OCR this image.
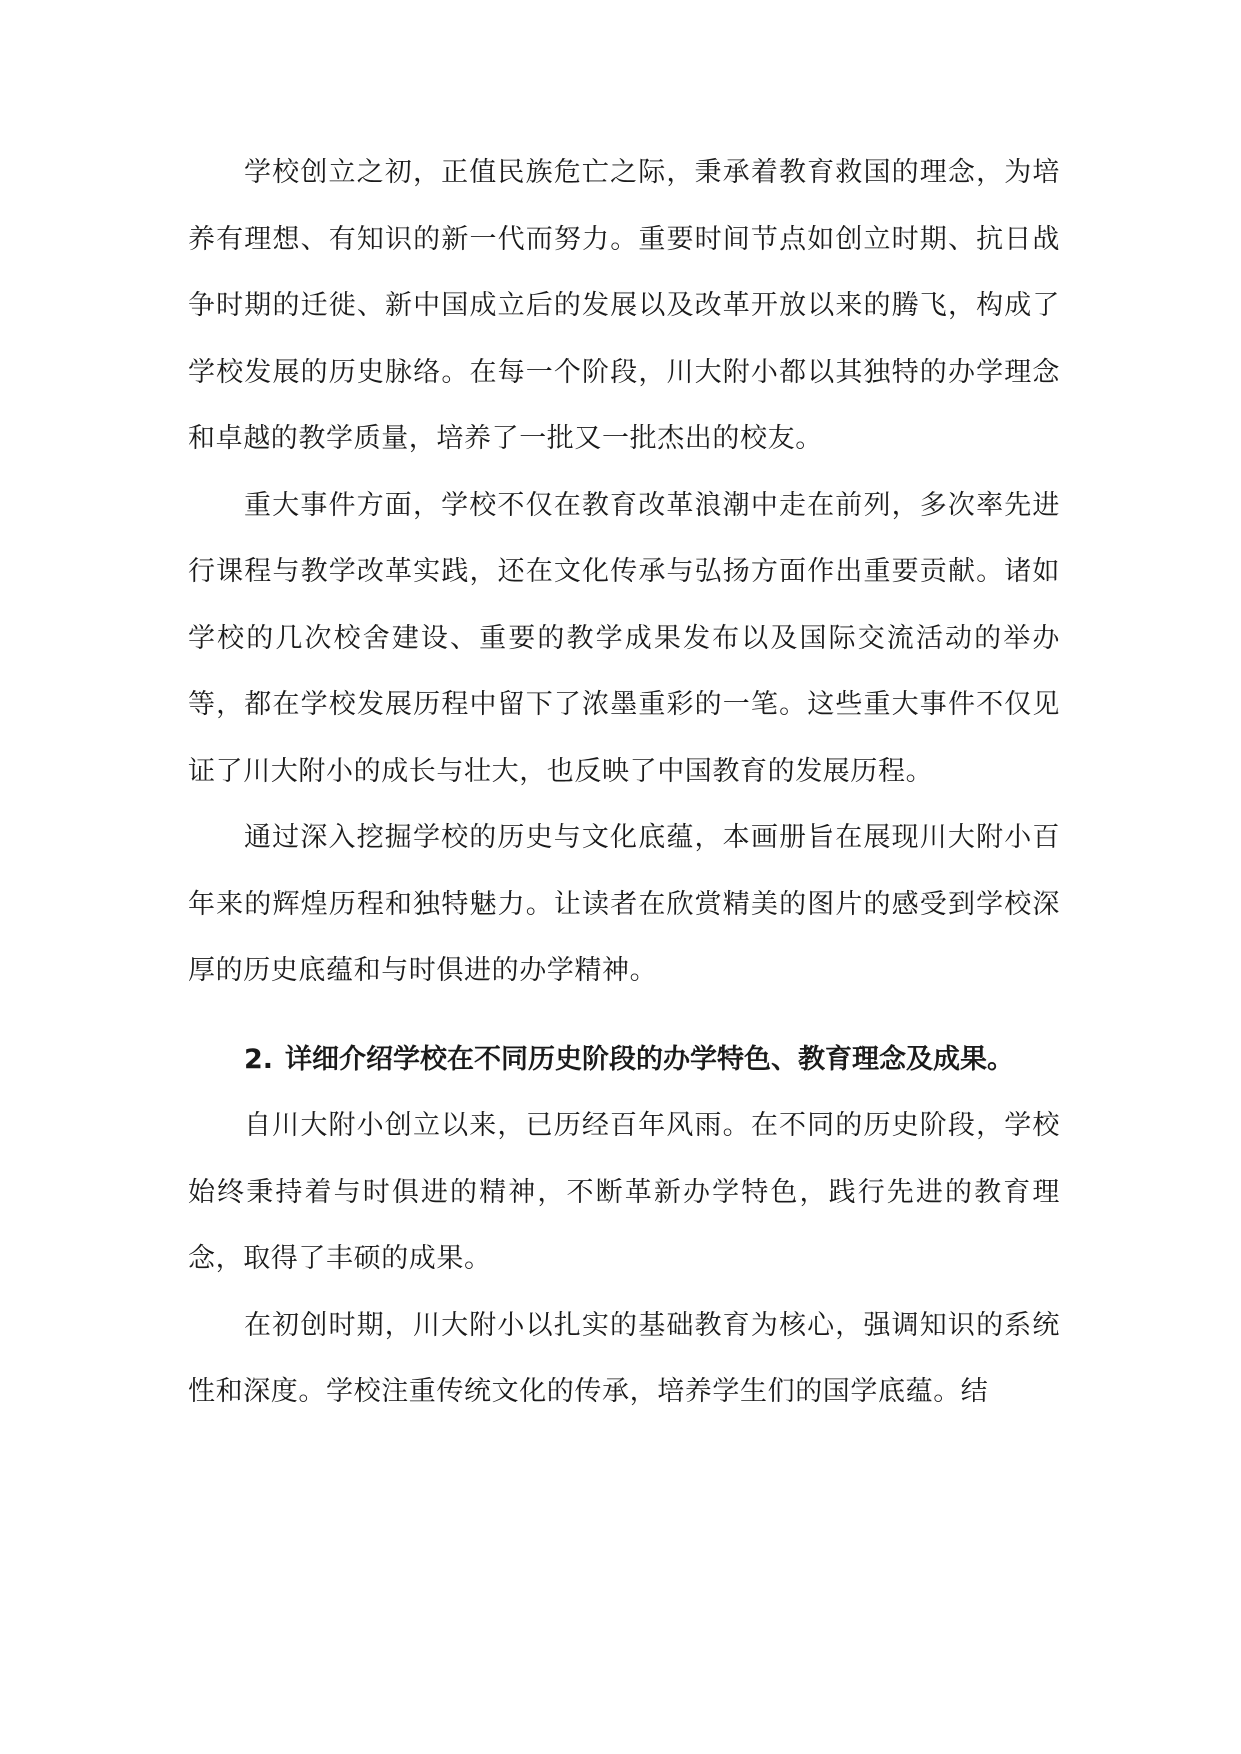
学校创立之初，正值民族危亡之际，秉承着教育救国的理念，为培养有理想、有知识的新一代而努力。重要时间节点如创立时期、抗日战争时期的迁徙、新中国成立后的发展以及改革开放以来的腾飞，构成了学校发展的历史脉络。在每一个阶段，川大附小都以其独特的办学理念和卓越的教学质量，培养了一批又一批杰出的校友。

重大事件方面，学校不仅在教育改革浪潮中走在前列，多次率先进行课程与教学改革实践，还在文化传承与弘扬方面作出重要贡献。诸如学校的几次校舍建设、重要的教学成果发布以及国际交流活动的举办等，都在学校发展历程中留下了浓墨重彩的一笔。这些重大事件不仅见证了川大附小的成长与壮大，也反映了中国教育的发展历程。

通过深入挖掘学校的历史与文化底蕴，本画册旨在展现川大附小百年来的辉煌历程和独特魅力。让读者在欣赏精美的图片的感受到学校深厚的历史底蕴和与时俱进的办学精神。

2. 详细介绍学校在不同历史阶段的办学特色、教育理念及成果。

自川大附小创立以来，已历经百年风雨。在不同的历史阶段，学校始终秉持着与时俱进的精神，不断革新办学特色，践行先进的教育理念，取得了丰硕的成果。

在初创时期，川大附小以扎实的基础教育为核心，强调知识的系统性和深度。学校注重传统文化的传承，培养学生们的国学底蕴。结
